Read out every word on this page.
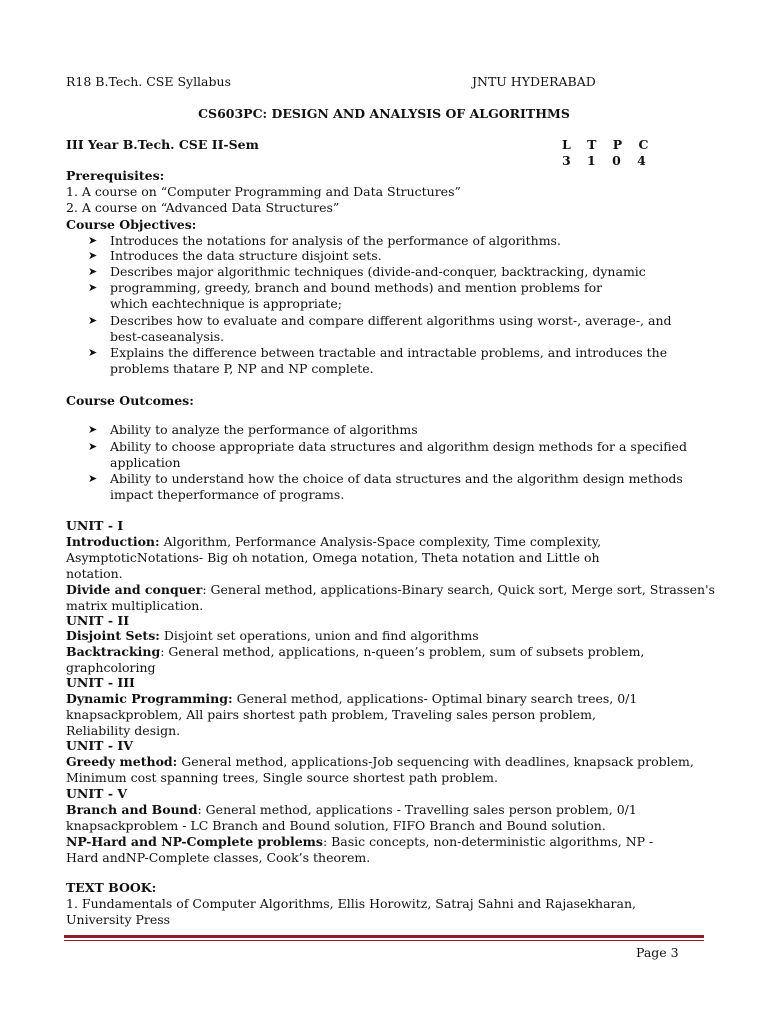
R18 B.Tech. CSE Syllabus	JNTU HYDERABAD
CS603PC: DESIGN AND ANALYSIS OF ALGORITHMS
III Year B.Tech. CSE II-Sem	L T P C
3 1 0 4
Prerequisites:
1. A course on “Computer Programming and Data Structures”
2. A course on “Advanced Data Structures”
Course Objectives:
➤ Introduces the notations for analysis of the performance of algorithms.
➤ Introduces the data structure disjoint sets.
➤ Describes major algorithmic techniques (divide-and-conquer, backtracking, dynamic
➤ programming, greedy, branch and bound methods) and mention problems for
which eachtechnique is appropriate;
➤ Describes how to evaluate and compare different algorithms using worst-, average-, and
best-caseanalysis.
➤ Explains the difference between tractable and intractable problems, and introduces the
problems thatare P, NP and NP complete.
Course Outcomes:
➤ Ability to analyze the performance of algorithms
➤ Ability to choose appropriate data structures and algorithm design methods for a specified
application
➤ Ability to understand how the choice of data structures and the algorithm design methods
impact theperformance of programs.
UNIT - I
Introduction: Algorithm, Performance Analysis-Space complexity, Time complexity,
AsymptoticNotations- Big oh notation, Omega notation, Theta notation and Little oh
notation.
Divide and conquer: General method, applications-Binary search, Quick sort, Merge sort, Strassen's
matrix multiplication.
UNIT - II
Disjoint Sets: Disjoint set operations, union and find algorithms
Backtracking: General method, applications, n-queen’s problem, sum of subsets problem,
graphcoloring
UNIT - III
Dynamic Programming: General method, applications- Optimal binary search trees, 0/1
knapsackproblem, All pairs shortest path problem, Traveling sales person problem,
Reliability design.
UNIT - IV
Greedy method: General method, applications-Job sequencing with deadlines, knapsack problem,
Minimum cost spanning trees, Single source shortest path problem.
UNIT - V
Branch and Bound: General method, applications - Travelling sales person problem, 0/1
knapsackproblem - LC Branch and Bound solution, FIFO Branch and Bound solution.
NP-Hard and NP-Complete problems: Basic concepts, non-deterministic algorithms, NP -
Hard andNP-Complete classes, Cook’s theorem.
TEXT BOOK:
1. Fundamentals of Computer Algorithms, Ellis Horowitz, Satraj Sahni and Rajasekharan,
University Press
Page 3
